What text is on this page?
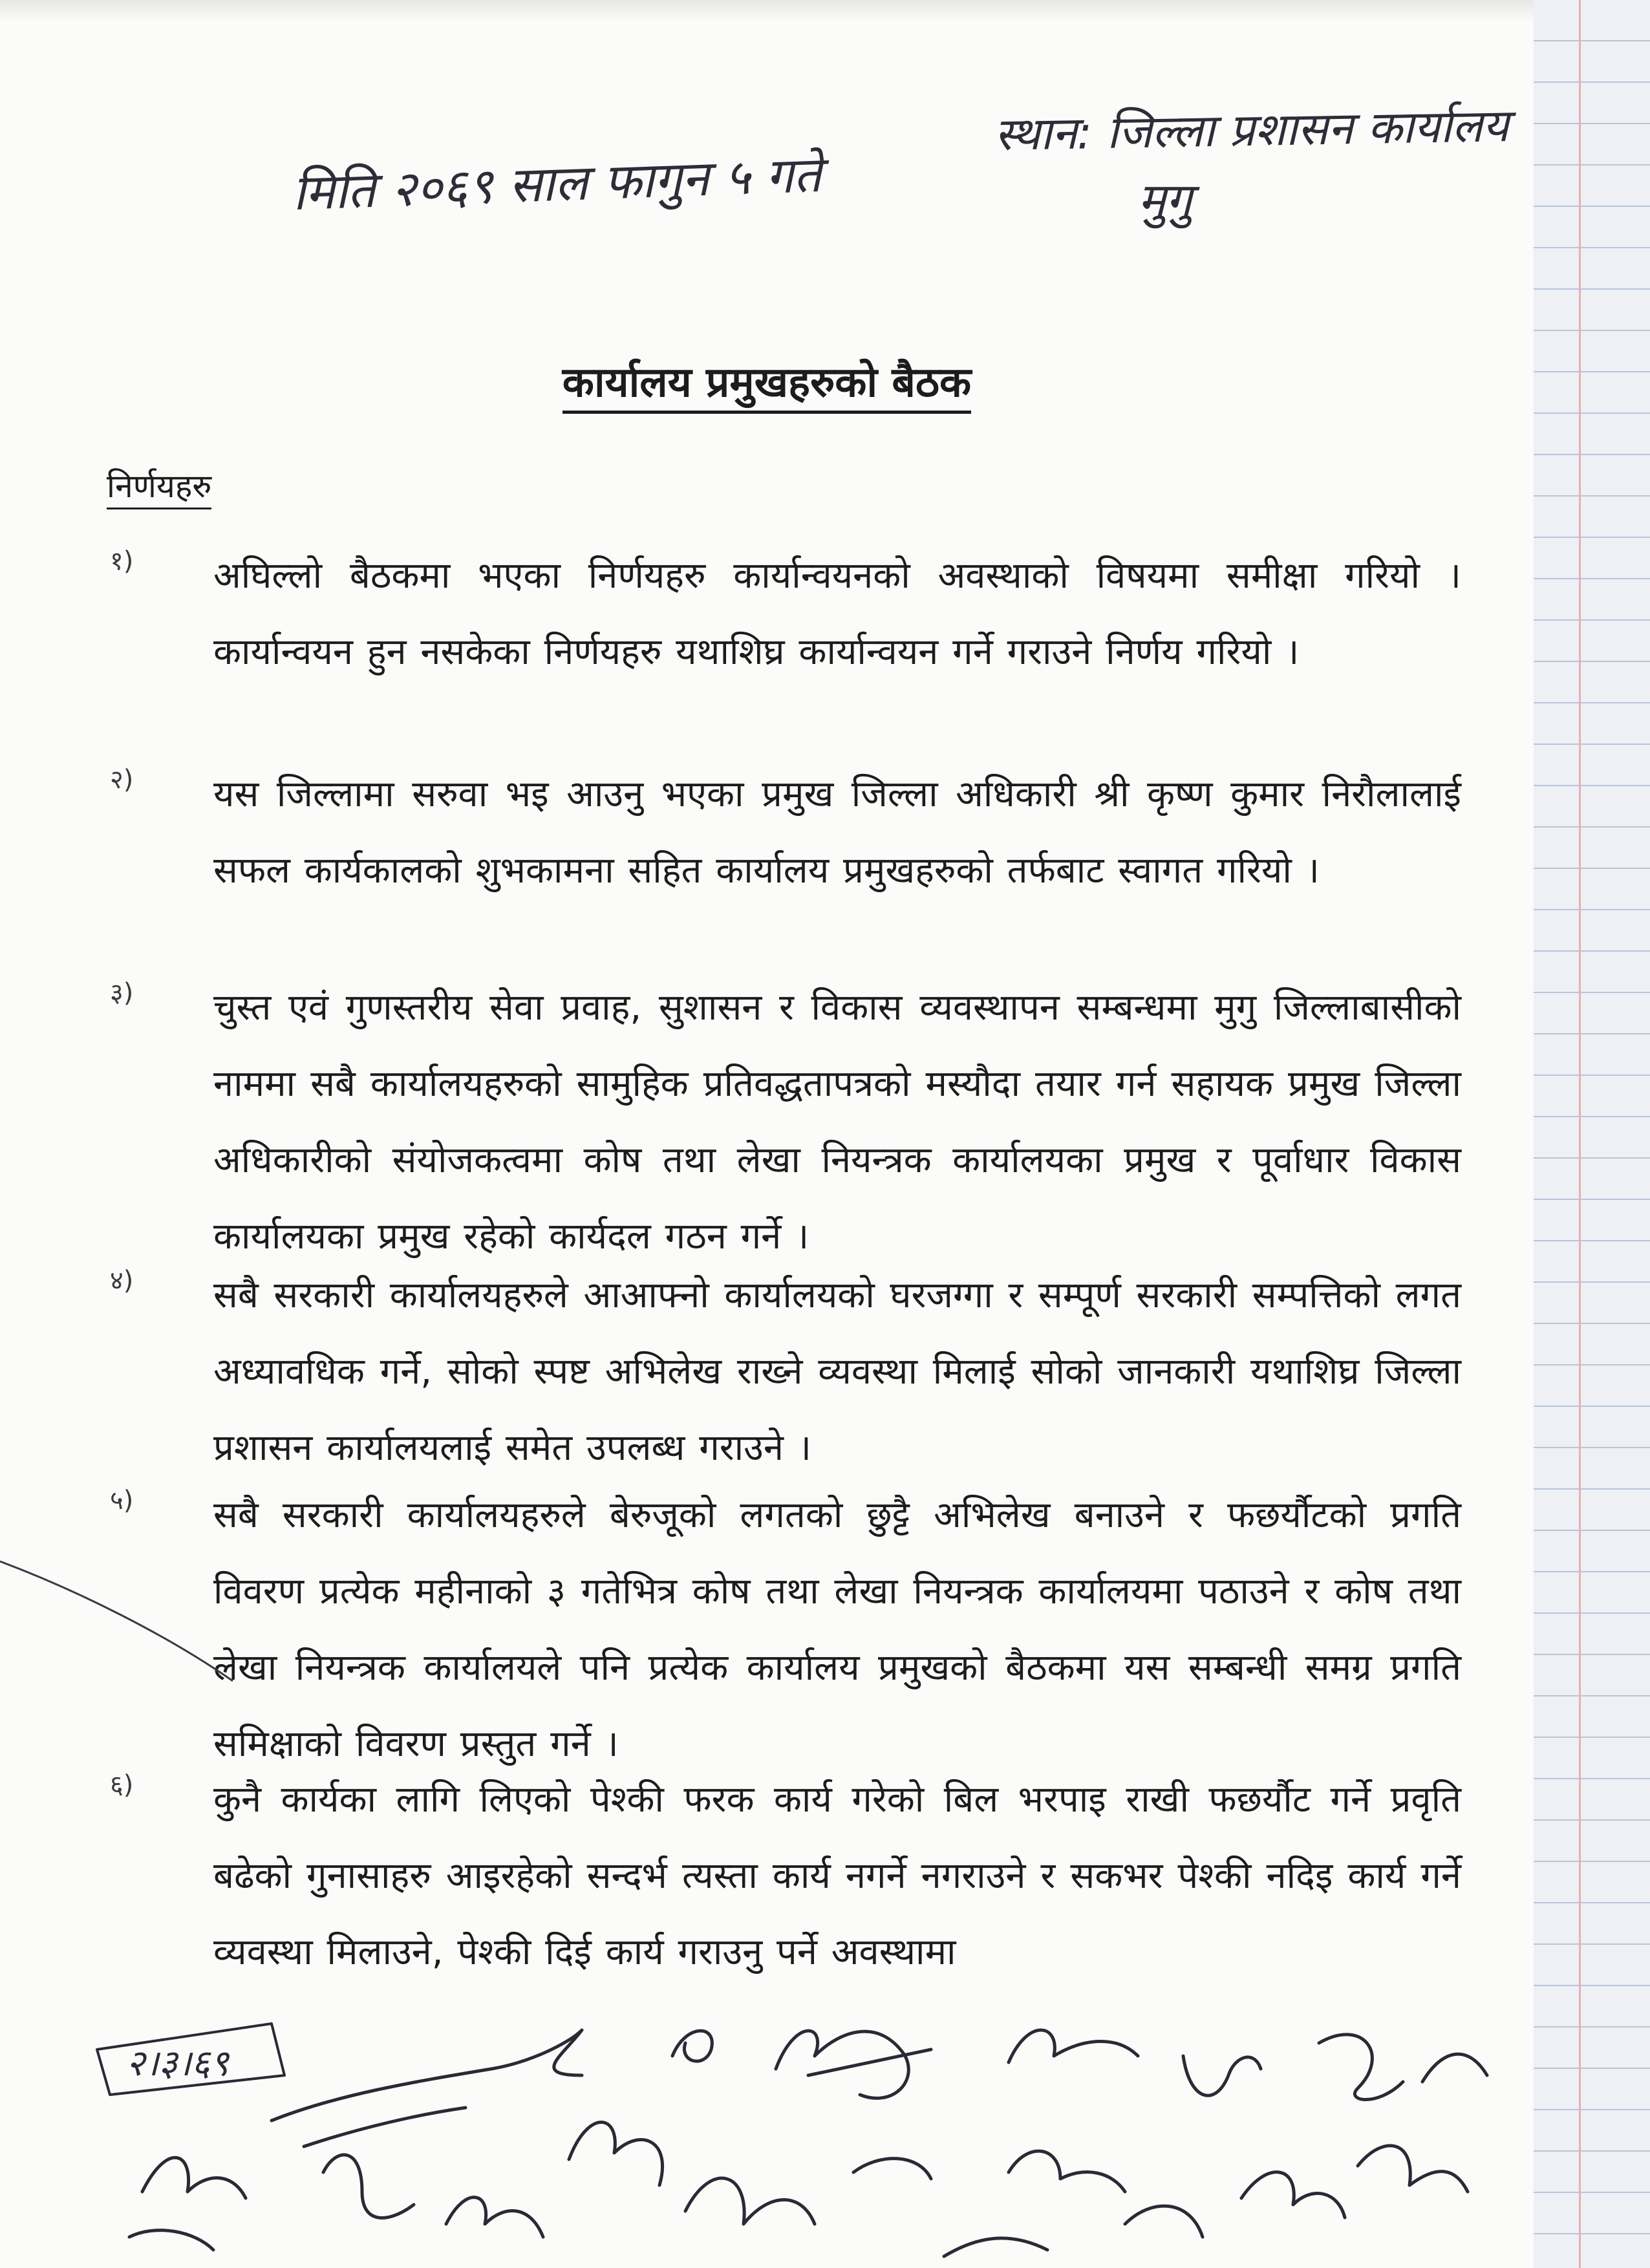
मिति २०६९ साल फागुन ५ गते
स्थान: जिल्ला प्रशासन कार्यालय
मुगु
कार्यालय प्रमुखहरुको बैठक
निर्णयहरु
१) अघिल्लो बैठकमा भएका निर्णयहरु कार्यान्वयनको अवस्थाको विषयमा समीक्षा गरियो । कार्यान्वयन हुन नसकेका निर्णयहरु यथाशिघ्र कार्यान्वयन गर्ने गराउने निर्णय गरियो ।
२) यस जिल्लामा सरुवा भइ आउनु भएका प्रमुख जिल्ला अधिकारी श्री कृष्ण कुमार निरौलालाई सफल कार्यकालको शुभकामना सहित कार्यालय प्रमुखहरुको तर्फबाट स्वागत गरियो ।
३) चुस्त एवं गुणस्तरीय सेवा प्रवाह, सुशासन र विकास व्यवस्थापन सम्बन्धमा मुगु जिल्लाबासीको नाममा सबै कार्यालयहरुको सामुहिक प्रतिवद्धतापत्रको मस्यौदा तयार गर्न सहायक प्रमुख जिल्ला अधिकारीको संयोजकत्वमा कोष तथा लेखा नियन्त्रक कार्यालयका प्रमुख र पूर्वाधार विकास कार्यालयका प्रमुख रहेको कार्यदल गठन गर्ने ।
४) सबै सरकारी कार्यालयहरुले आआफ्नो कार्यालयको घरजग्गा र सम्पूर्ण सरकारी सम्पत्तिको लगत अध्यावधिक गर्ने, सोको स्पष्ट अभिलेख राख्ने व्यवस्था मिलाई सोको जानकारी यथाशिघ्र जिल्ला प्रशासन कार्यालयलाई समेत उपलब्ध गराउने ।
५) सबै सरकारी कार्यालयहरुले बेरुजूको लगतको छुट्टै अभिलेख बनाउने र फछर्यौटको प्रगति विवरण प्रत्येक महीनाको ३ गतेभित्र कोष तथा लेखा नियन्त्रक कार्यालयमा पठाउने र कोष तथा लेखा नियन्त्रक कार्यालयले पनि प्रत्येक कार्यालय प्रमुखको बैठकमा यस सम्बन्धी समग्र प्रगति समिक्षाको विवरण प्रस्तुत गर्ने ।
६) कुनै कार्यका लागि लिएको पेश्की फरक कार्य गरेको बिल भरपाइ राखी फछर्यौट गर्ने प्रवृति बढेको गुनासाहरु आइरहेको सन्दर्भ त्यस्ता कार्य नगर्ने नगराउने र सकभर पेश्की नदिइ कार्य गर्ने व्यवस्था मिलाउने, पेश्की दिई कार्य गराउनु पर्ने अवस्थामा
२।३।६९
